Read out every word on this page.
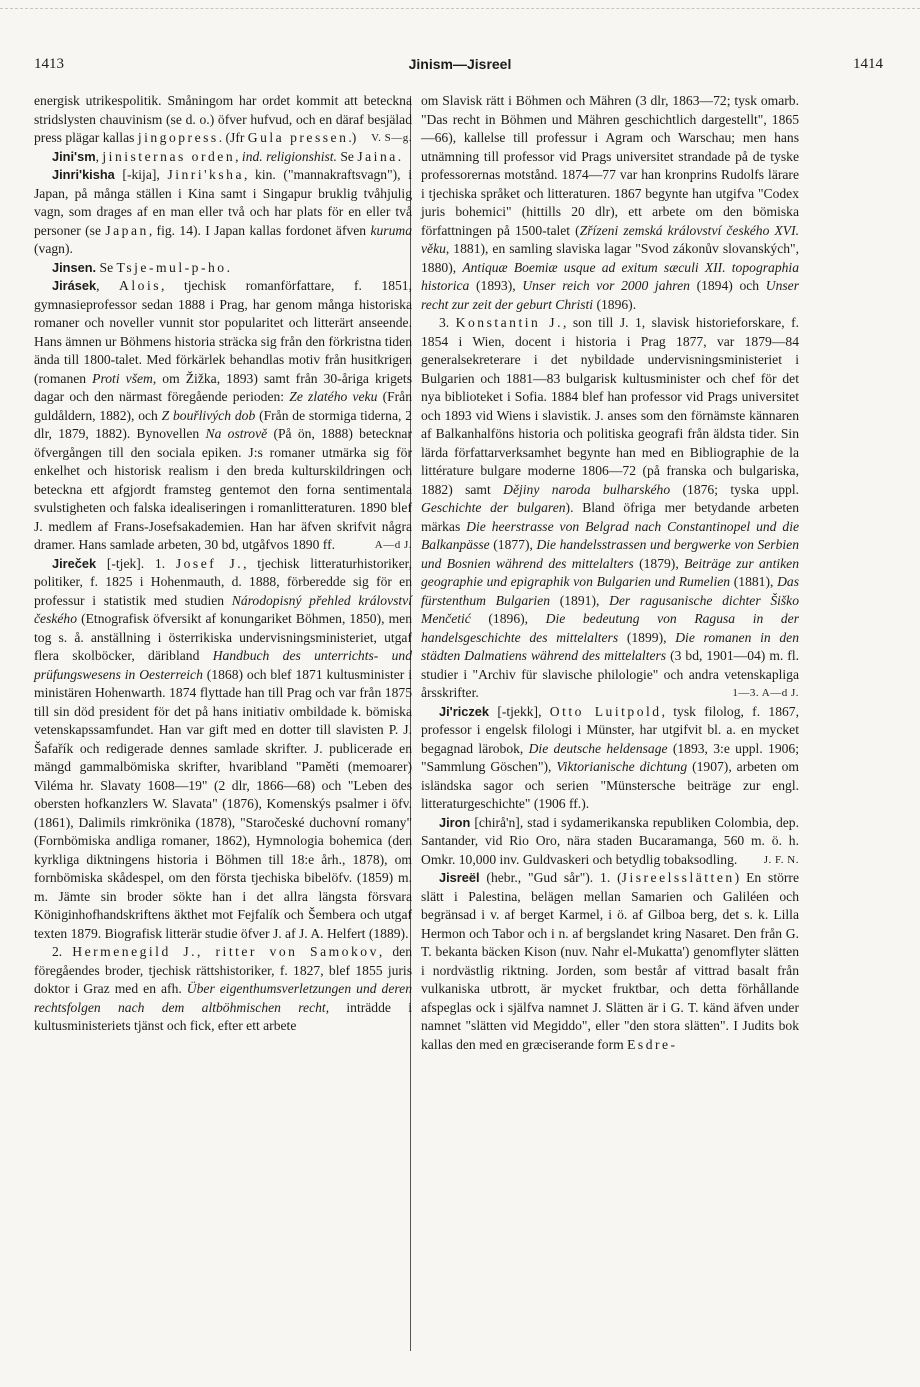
1413	Jinism—Jisreel	1414

energisk utrikespolitik. Småningom har ordet kommit att beteckna stridslysten chauvinism (se d. o.) öfver hufvud, och en däraf besjälad press plägar kallas jingopress. (Jfr Gula pressen.) V. S—g.

Jini'sm, jinisternas orden, ind. religionshist. Se Jaina.

Jinri'kisha [-kija], Jinri'ksha, kin. ("mannakraftsvagn"), i Japan, på många ställen i Kina samt i Singapur bruklig tvåhjulig vagn, som drages af en man eller två och har plats för en eller två personer (se Japan, fig. 14). I Japan kallas fordonet äfven kuruma (vagn).

Jinsen. Se Tsje-mul-p-ho.

Jirásek, Alois, tjechisk romanförfattare, f. 1851, gymnasieprofessor sedan 1888 i Prag, har genom många historiska romaner och noveller vunnit stor popularitet och litterärt anseende. Hans ämnen ur Böhmens historia sträcka sig från den förkristna tiden ända till 1800-talet. Med förkärlek behandlas motiv från husitkrigen (romanen Proti všem, om Žižka, 1893) samt från 30-åriga krigets dagar och den närmast föregående perioden: Ze zlatého veku (Från guldåldern, 1882), och Z bouřlivých dob (Från de stormiga tiderna, 2 dlr, 1879, 1882). Bynovellen Na ostrově (På ön, 1888) betecknar öfvergången till den sociala epiken. J:s romaner utmärka sig för enkelhet och historisk realism i den breda kulturskildringen och beteckna ett afgjordt framsteg gentemot den forna sentimentala svulstigheten och falska idealiseringen i romanlitteraturen. 1890 blef J. medlem af Frans-Josefsakademien. Han har äfven skrifvit några dramer. Hans samlade arbeten, 30 bd, utgåfvos 1890 ff.	A—d J.

Jireček [-tjek]. 1. Josef J., tjechisk litteraturhistoriker, politiker, f. 1825 i Hohenmauth, d. 1888, förberedde sig för en professur i statistik med studien Národopisný přehled království českého (Etnografisk öfversikt af konungariket Böhmen, 1850), men tog s. å. anställning i österrikiska undervisningsministeriet, utgaf flera skolböcker, däribland Handbuch des unterrichts- und prüfungswesens in Oesterreich (1868) och blef 1871 kultusminister i ministären Hohenwarth. 1874 flyttade han till Prag och var från 1875 till sin död president för det på hans initiativ ombildade k. bömiska vetenskapssamfundet. Han var gift med en dotter till slavisten P. J. Šafařík och redigerade dennes samlade skrifter. J. publicerade en mängd gammalbömiska skrifter, hvaribland "Paměti (memoarer) Viléma hr. Slavaty 1608—19" (2 dlr, 1866—68) och "Leben des obersten hofkanzlers W. Slavata" (1876), Komenskýs psalmer i öfv. (1861), Dalimils rimkrönika (1878), "Staročeské duchovní romany" (Fornbömiska andliga romaner, 1862), Hymnologia bohemica (den kyrkliga diktningens historia i Böhmen till 18:e årh., 1878), om fornbömiska skådespel, om den första tjechiska bibelöfv. (1859) m. m. Jämte sin broder sökte han i det allra längsta försvara Königinhofhandskriftens äkthet mot Fejfalík och Šembera och utgaf texten 1879. Biografisk litterär studie öfver J. af J. A. Helfert (1889).

2. Hermenegild J., ritter von Samokov, den föregåendes broder, tjechisk rättshistoriker, f. 1827, blef 1855 juris doktor i Graz med en afh. Über eigenthumsverletzungen und deren rechtsfolgen nach dem altböhmischen recht, inträdde i kultusministeriets tjänst och fick, efter ett arbete

om Slavisk rätt i Böhmen och Mähren (3 dlr, 1863—72; tysk omarb. "Das recht in Böhmen und Mähren geschichtlich dargestellt", 1865—66), kallelse till professur i Agram och Warschau; men hans utnämning till professor vid Prags universitet strandade på de tyske professorernas motstånd. 1874—77 var han kronprins Rudolfs lärare i tjechiska språket och litteraturen. 1867 begynte han utgifva "Codex juris bohemici" (hittills 20 dlr), ett arbete om den bömiska författningen på 1500-talet (Zřízeni zemská království českého XVI. věku, 1881), en samling slaviska lagar "Svod zákonův slovanských", 1880), Antiquæ Boemiæ usque ad exitum sæculi XII. topographia historica (1893), Unser reich vor 2000 jahren (1894) och Unser recht zur zeit der geburt Christi (1896).

3. Konstantin J., son till J. 1, slavisk historieforskare, f. 1854 i Wien, docent i historia i Prag 1877, var 1879—84 generalsekreterare i det nybildade undervisningsministeriet i Bulgarien och 1881—83 bulgarisk kultusminister och chef för det nya biblioteket i Sofia. 1884 blef han professor vid Prags universitet och 1893 vid Wiens i slavistik. J. anses som den förnämste kännaren af Balkanhalföns historia och politiska geografi från äldsta tider. Sin lärda författarverksamhet begynte han med en Bibliographie de la littérature bulgare moderne 1806—72 (på franska och bulgariska, 1882) samt Dějiny naroda bulharského (1876; tyska uppl. Geschichte der bulgaren). Bland öfriga mer betydande arbeten märkas Die heerstrasse von Belgrad nach Constantinopel und die Balkanpässe (1877), Die handelsstrassen und bergwerke von Serbien und Bosnien während des mittelalters (1879), Beiträge zur antiken geographie und epigraphik von Bulgarien und Rumelien (1881), Das fürstenthum Bulgarien (1891), Der ragusanische dichter Šiško Menčetić (1896), Die bedeutung von Ragusa in der handelsgeschichte des mittelalters (1899), Die romanen in den städten Dalmatiens während des mittelalters (3 bd, 1901—04) m. fl. studier i "Archiv für slavische philologie" och andra vetenskapliga årsskrifter.	1—3. A—d J.

Ji'riczek [-tjekk], Otto Luitpold, tysk filolog, f. 1867, professor i engelsk filologi i Münster, har utgifvit bl. a. en mycket begagnad lärobok, Die deutsche heldensage (1893, 3:e uppl. 1906; "Sammlung Göschen"), Viktorianische dichtung (1907), arbeten om isländska sagor och serien "Münstersche beiträge zur engl. litteraturgeschichte" (1906 ff.).

Jiron [chirå'n], stad i sydamerikanska republiken Colombia, dep. Santander, vid Rio Oro, nära staden Bucaramanga, 560 m. ö. h. Omkr. 10,000 inv. Guldvaskeri och betydlig tobaksodling.	J. F. N.

Jisreël (hebr., "Gud sår"). 1. (Jisreelsslätten) En större slätt i Palestina, belägen mellan Samarien och Galiléen och begränsad i v. af berget Karmel, i ö. af Gilboa berg, det s. k. Lilla Hermon och Tabor och i n. af bergslandet kring Nasaret. Den från G. T. bekanta bäcken Kison (nuv. Nahr el-Mukatta') genomflyter slätten i nordvästlig riktning. Jorden, som består af vittrad basalt från vulkaniska utbrott, är mycket fruktbar, och detta förhållande afspeglas ock i själfva namnet J. Slätten är i G. T. känd äfven under namnet "slätten vid Megiddo", eller "den stora slätten". I Judits bok kallas den med en græciserande form Esdre-
